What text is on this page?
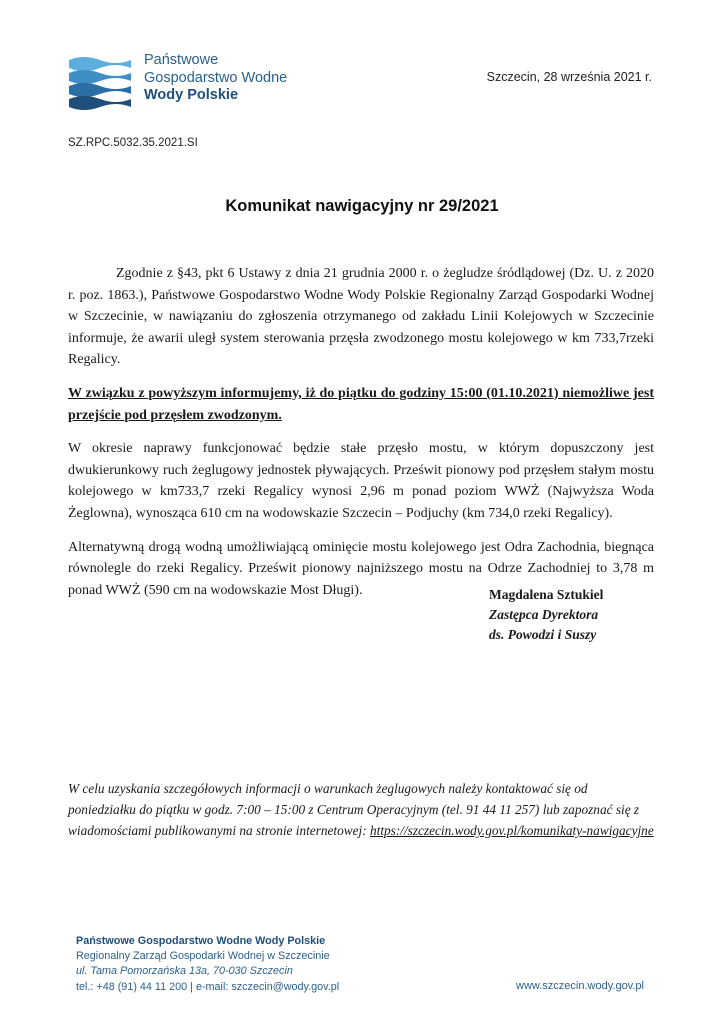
Państwowe
Gospodarstwo Wodne
Wody Polskie
Szczecin, 28 września 2021 r.
SZ.RPC.5032.35.2021.SI
Komunikat nawigacyjny nr 29/2021

Zgodnie z §43, pkt 6 Ustawy z dnia 21 grudnia 2000 r. o żegludze śródlądowej (Dz. U. z 2020 r. poz. 1863.), Państwowe Gospodarstwo Wodne Wody Polskie Regionalny Zarząd Gospodarki Wodnej w Szczecinie, w nawiązaniu do zgłoszenia otrzymanego od zakładu Linii Kolejowych w Szczecinie informuje, że awarii uległ system sterowania przęsła zwodzonego mostu kolejowego w km 733,7rzeki Regalicy.

W związku z powyższym informujemy, iż do piątku do godziny 15:00 (01.10.2021) niemożliwe jest przejście pod przęsłem zwodzonym.

W okresie naprawy funkcjonować będzie stałe przęsło mostu, w którym dopuszczony jest dwukierunkowy ruch żeglugowy jednostek pływających. Prześwit pionowy pod przęsłem stałym mostu kolejowego w km733,7 rzeki Regalicy wynosi 2,96 m ponad poziom WWŻ (Najwyższa Woda Żeglowna), wynosząca 610 cm na wodowskazie Szczecin – Podjuchy (km 734,0 rzeki Regalicy).

Alternatywną drogą wodną umożliwiającą ominięcie mostu kolejowego jest Odra Zachodnia, biegnąca równolegle do rzeki Regalicy. Prześwit pionowy najniższego mostu na Odrze Zachodniej to 3,78 m ponad WWŻ (590 cm na wodowskazie Most Długi).	Magdalena Sztukiel
Zastępca Dyrektora
ds. Powodzi i Suszy
W celu uzyskania szczegółowych informacji o warunkach żeglugowych należy kontaktować się od poniedziałku do piątku w godz. 7:00 – 15:00 z Centrum Operacyjnym (tel. 91 44 11 257) lub zapoznać się z wiadomościami publikowanymi na stronie internetowej: https://szczecin.wody.gov.pl/komunikaty-nawigacyjne
Państwowe Gospodarstwo Wodne Wody Polskie
Regionalny Zarząd Gospodarki Wodnej w Szczecinie
ul. Tama Pomorzańska 13a, 70-030 Szczecin
tel.: +48 (91) 44 11 200 | e-mail: szczecin@wody.gov.pl	www.szczecin.wody.gov.pl
